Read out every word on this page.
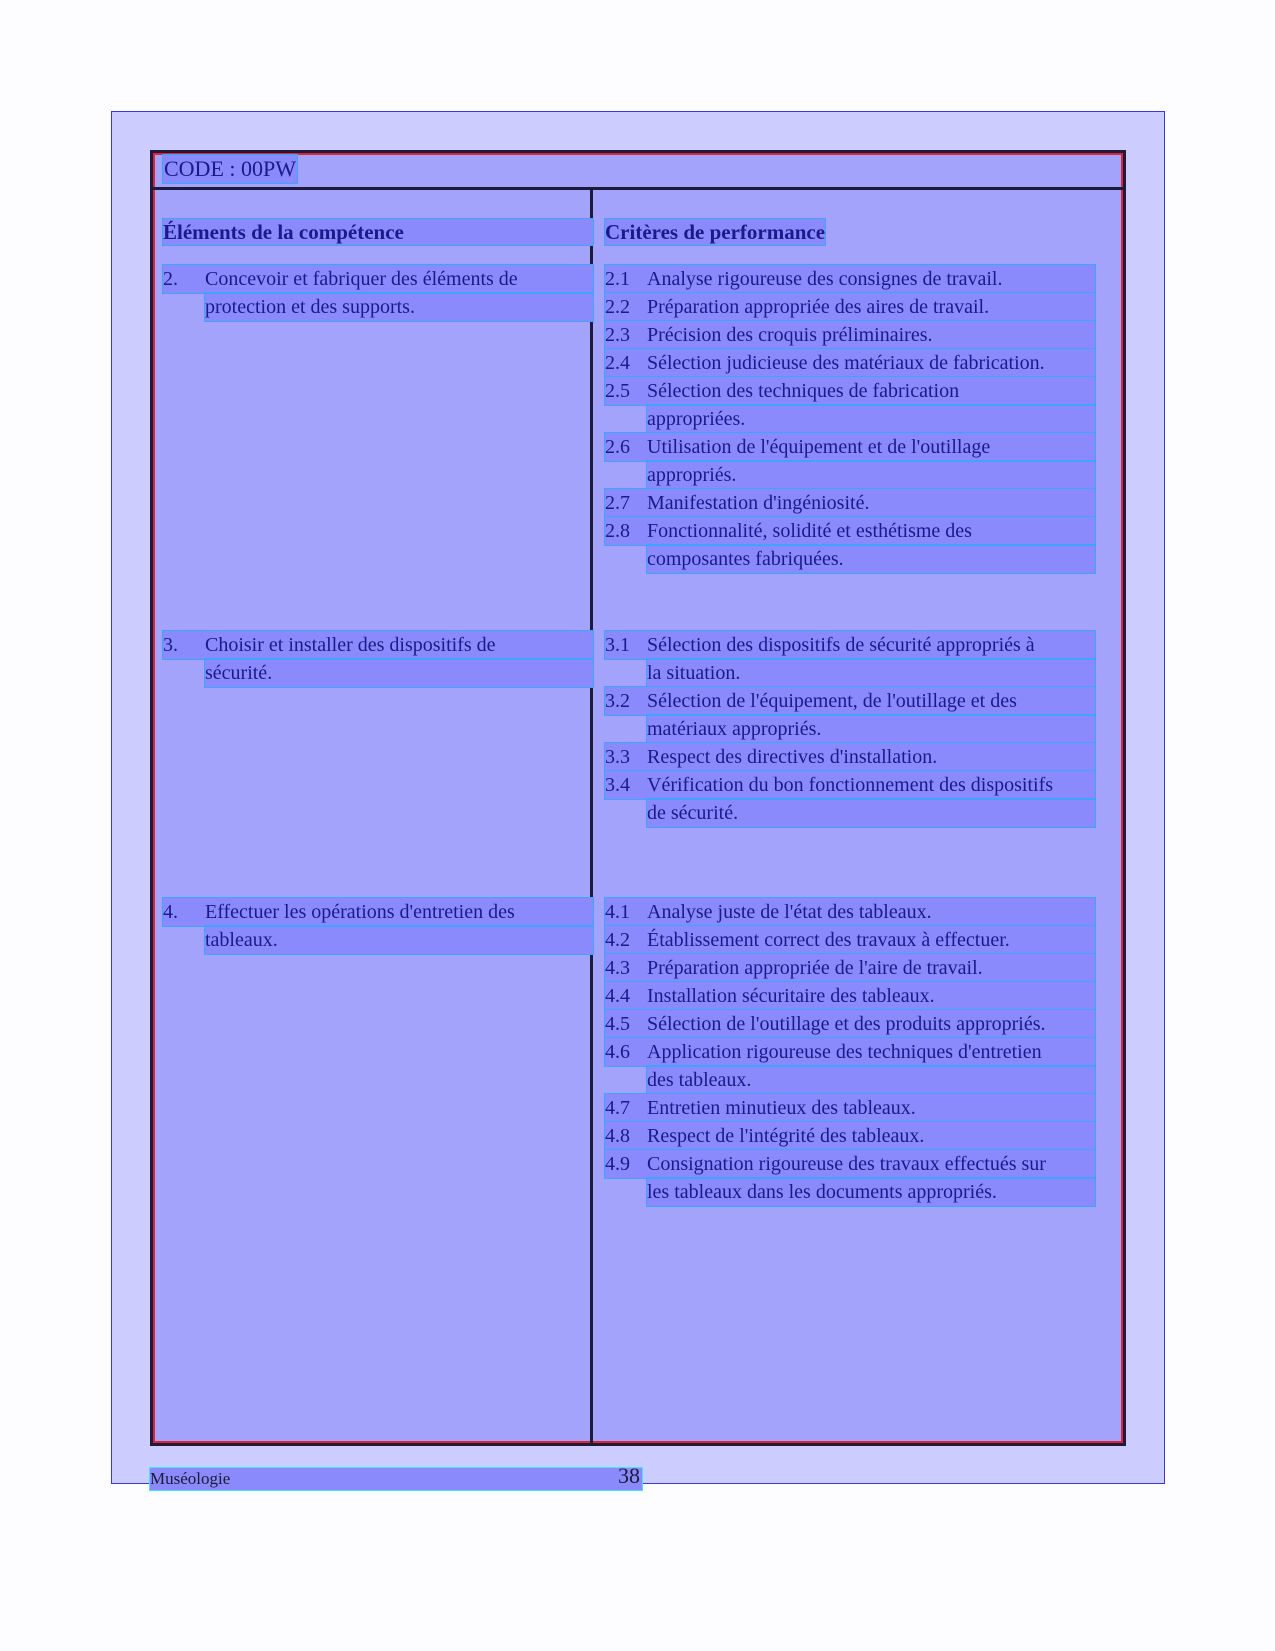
CODE : 00PW
Éléments de la compétence	Critères de performance
2. Concevoir et fabriquer des éléments de
protection et des supports.
2.1 Analyse rigoureuse des consignes de travail.
2.2 Préparation appropriée des aires de travail.
2.3 Précision des croquis préliminaires.
2.4 Sélection judicieuse des matériaux de fabrication.
2.5 Sélection des techniques de fabrication
appropriées.
2.6 Utilisation de l'équipement et de l'outillage
appropriés.
2.7 Manifestation d'ingéniosité.
2.8 Fonctionnalité, solidité et esthétisme des
composantes fabriquées.
3. Choisir et installer des dispositifs de
sécurité.
3.1 Sélection des dispositifs de sécurité appropriés à
la situation.
3.2 Sélection de l'équipement, de l'outillage et des
matériaux appropriés.
3.3 Respect des directives d'installation.
3.4 Vérification du bon fonctionnement des dispositifs
de sécurité.
4. Effectuer les opérations d'entretien des
tableaux.
4.1 Analyse juste de l'état des tableaux.
4.2 Établissement correct des travaux à effectuer.
4.3 Préparation appropriée de l'aire de travail.
4.4 Installation sécuritaire des tableaux.
4.5 Sélection de l'outillage et des produits appropriés.
4.6 Application rigoureuse des techniques d'entretien
des tableaux.
4.7 Entretien minutieux des tableaux.
4.8 Respect de l'intégrité des tableaux.
4.9 Consignation rigoureuse des travaux effectués sur
les tableaux dans les documents appropriés.
Muséologie	38
